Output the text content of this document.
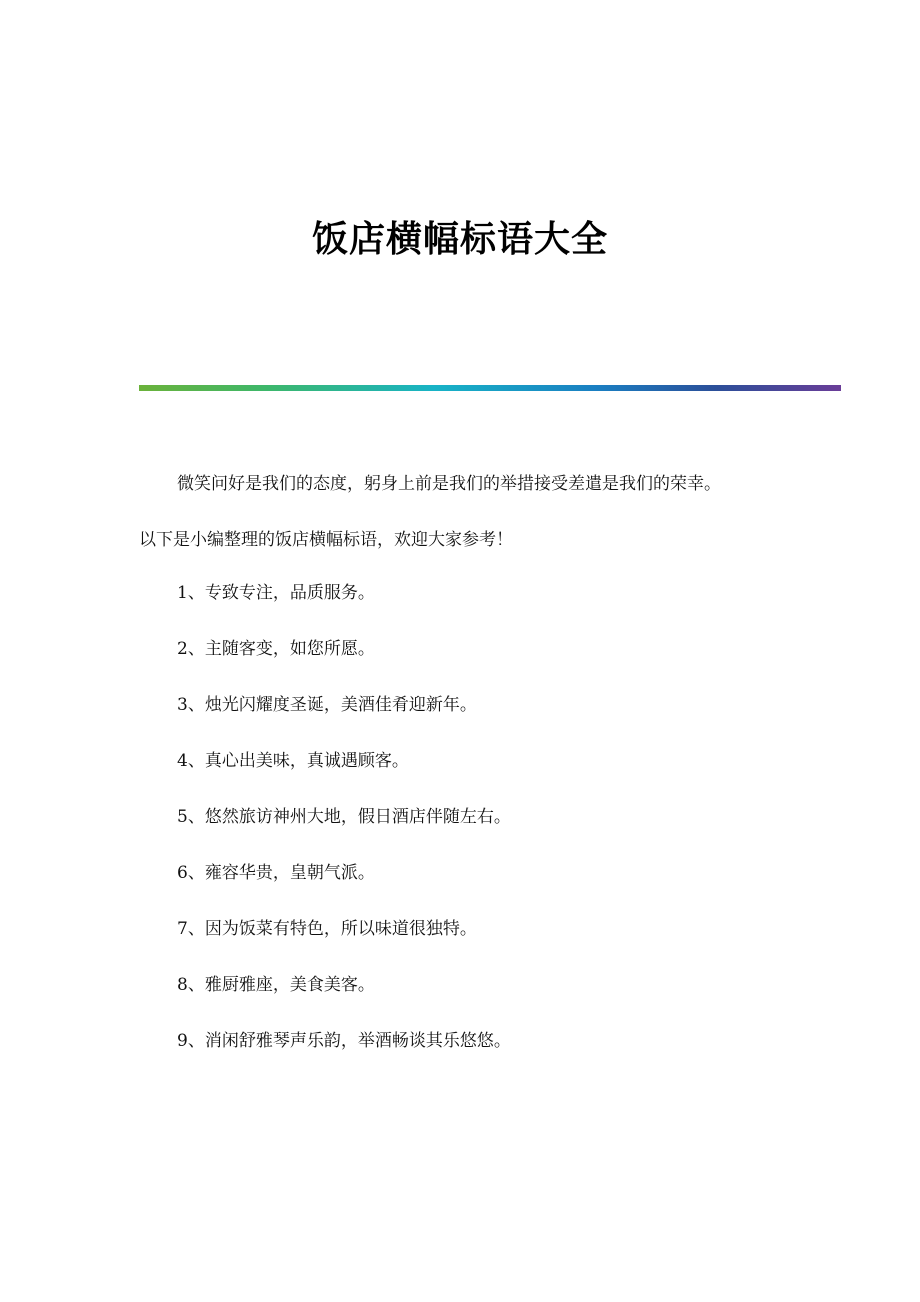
饭店横幅标语大全

微笑问好是我们的态度，躬身上前是我们的举措接受差遣是我们的荣幸。
以下是小编整理的饭店横幅标语，欢迎大家参考！

1、专致专注，品质服务。

2、主随客变，如您所愿。

3、烛光闪耀度圣诞，美酒佳肴迎新年。

4、真心出美味，真诚遇顾客。

5、悠然旅访神州大地，假日酒店伴随左右。

6、雍容华贵，皇朝气派。

7、因为饭菜有特色，所以味道很独特。

8、雅厨雅座，美食美客。

9、消闲舒雅琴声乐韵，举酒畅谈其乐悠悠。
